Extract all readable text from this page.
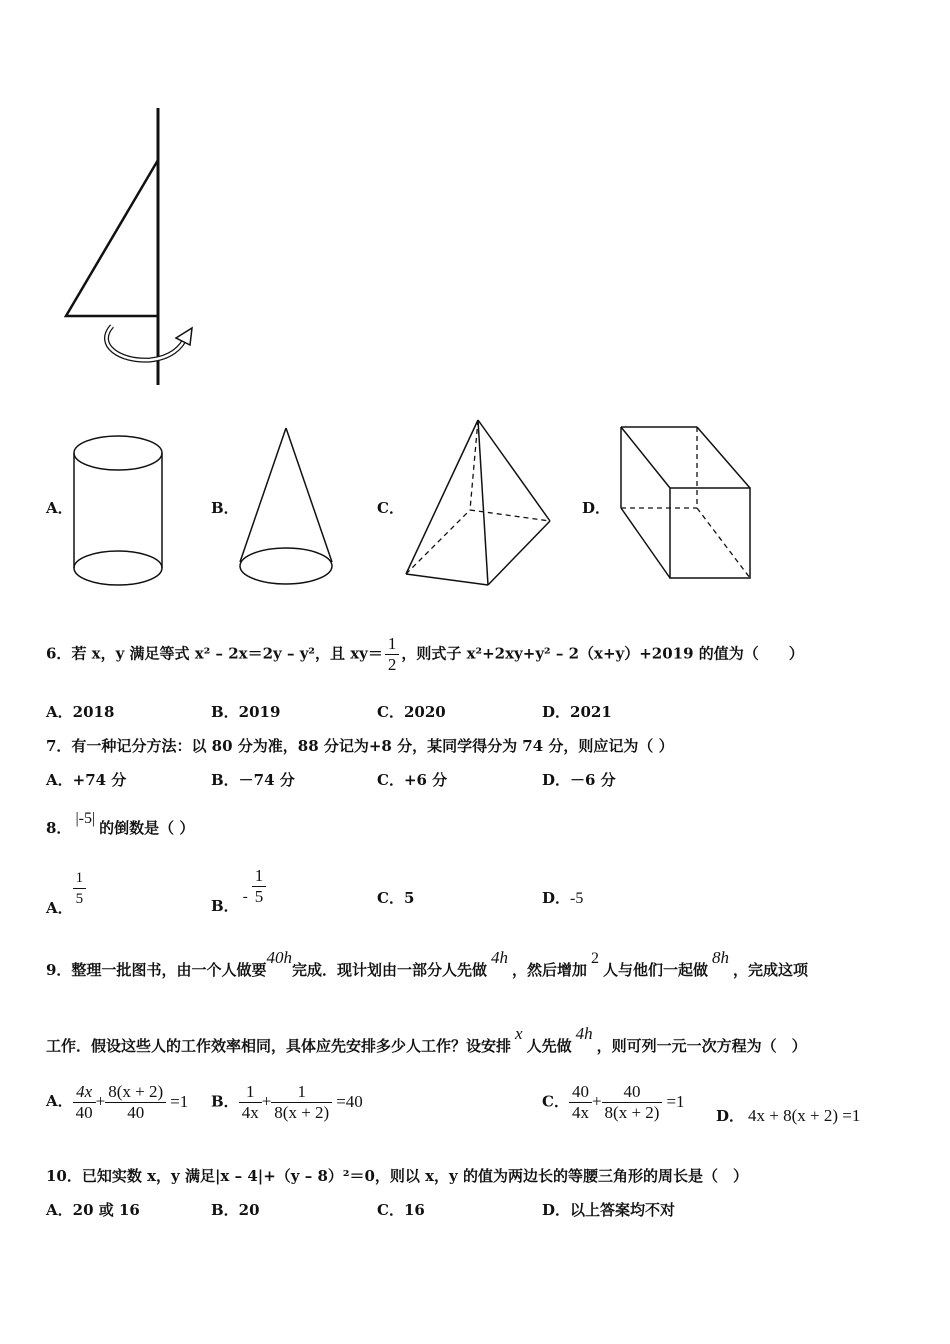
A．	B．	C．	D．
6．若 x，y 满足等式 x² – 2x＝2y – y²，且 $xy= \frac{1}{2}$ ，则式子 x²+2xy+y² – 2（x+y）+2019 的值为（　　）
A．2018	B．2019	C．2020	D．2021
7．有一种记分方法：以 80 分为准，88 分记为+8 分，某同学得分为 74 分，则应记为（ ）
A．+74 分	B．－74 分	C．+6 分	D．－6 分
8．|-5|的倒数是（ ）
A． $\frac{1}{5}$	B． - $\frac{1}{5}$	C．5	D．-5
9．整理一批图书，由一个人做要40h完成．现计划由一部分人先做4h，然后增加2人与他们一起做8h，完成这项
工作．假设这些人的工作效率相同，具体应先安排多少人工作？设安排x人先做4h，则可列一元一次方程为（　）
A． $\frac{4x}{40} + \frac{8(x + 2)}{40} =1$ B． $\frac{1}{4x} + \frac{1}{8(x + 2)} =40$	C． $\frac{40}{4x} + \frac{40}{8(x + 2)} =1$
D． 4x + 8(x + 2) =1
10．已知实数 x，y 满足|x – 4|+（y – 8）²＝0，则以 x，y 的值为两边长的等腰三角形的周长是（　）
A．20 或 16	B．20	C．16	D．以上答案均不对
